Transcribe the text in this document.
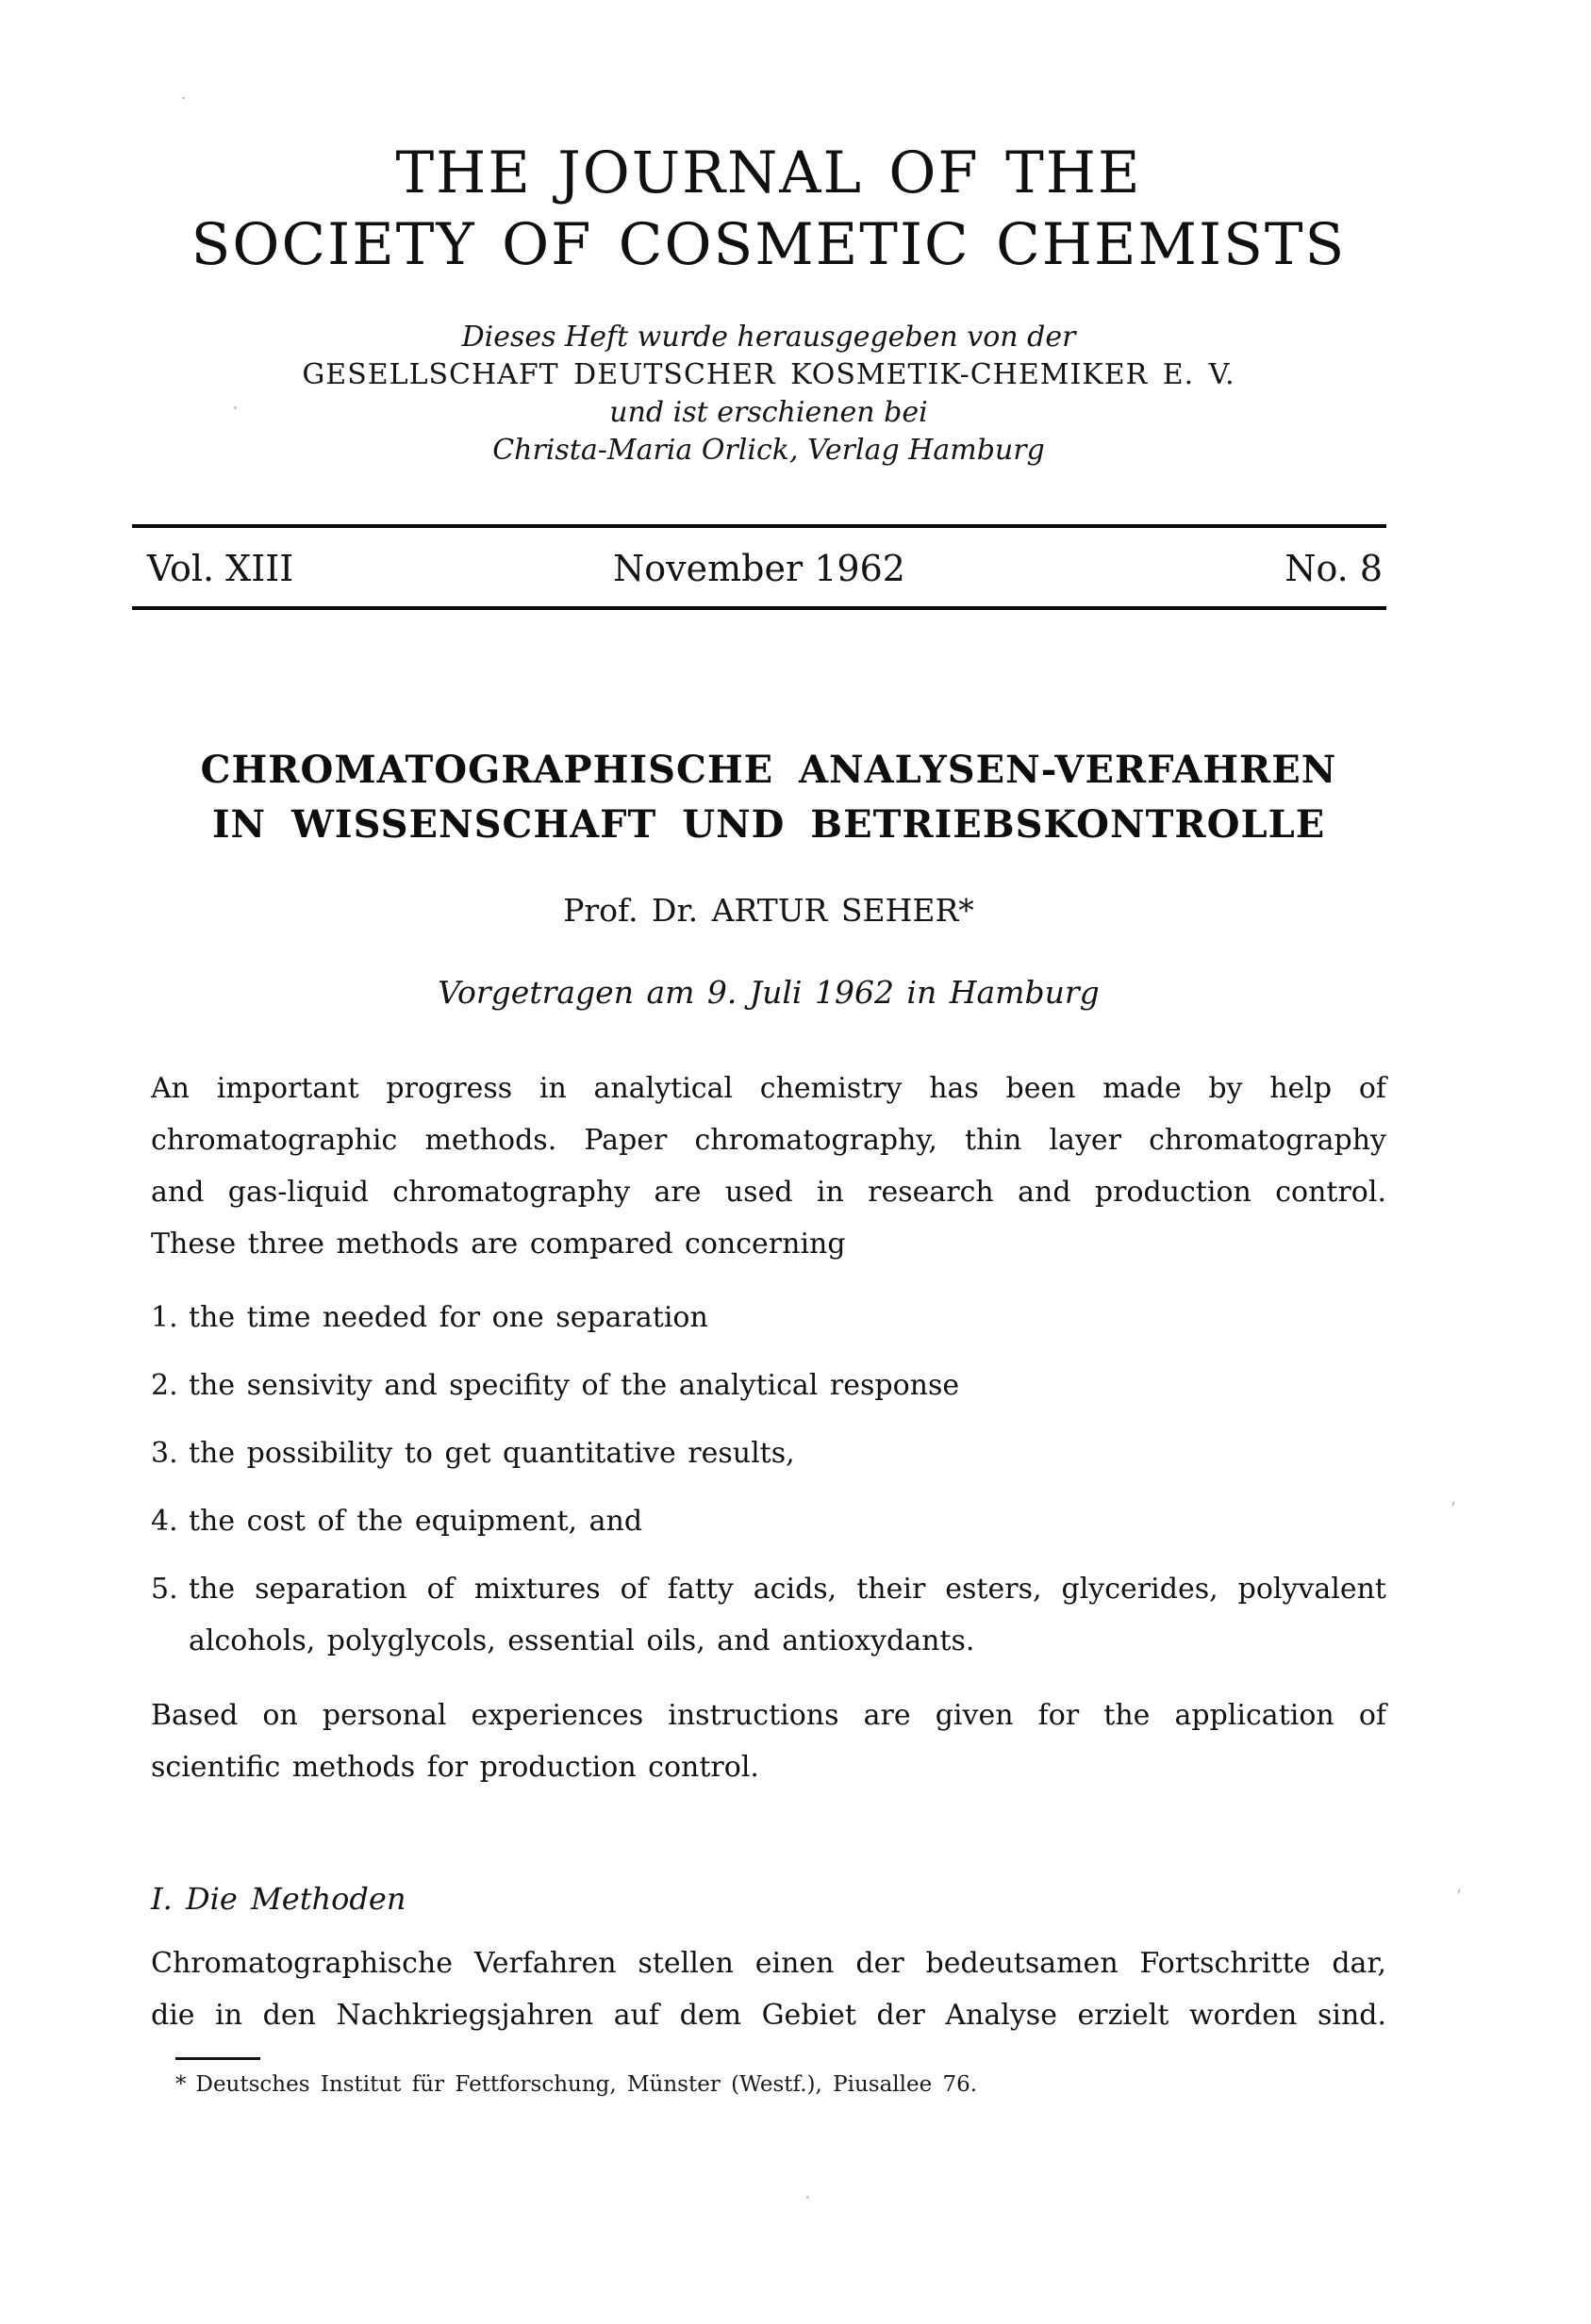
THE JOURNAL OF THE
SOCIETY OF COSMETIC CHEMISTS
Dieses Heft wurde herausgegeben von der
GESELLSCHAFT DEUTSCHER KOSMETIK-CHEMIKER E. V.
und ist erschienen bei
Christa-Maria Orlick, Verlag Hamburg
Vol. XIII	November 1962	No. 8
CHROMATOGRAPHISCHE ANALYSEN-VERFAHREN
IN WISSENSCHAFT UND BETRIEBSKONTROLLE
Prof. Dr. ARTUR SEHER*
Vorgetragen am 9. Juli 1962 in Hamburg
An important progress in analytical chemistry has been made by help of
chromatographic methods. Paper chromatography, thin layer chromatography
and gas-liquid chromatography are used in research and production control.
These three methods are compared concerning
1. the time needed for one separation
2. the sensivity and specifity of the analytical response
3. the possibility to get quantitative results,
4. the cost of the equipment, and
5. the separation of mixtures of fatty acids, their esters, glycerides, polyvalent
alcohols, polyglycols, essential oils, and antioxydants.
Based on personal experiences instructions are given for the application of
scientific methods for production control.
I. Die Methoden
Chromatographische Verfahren stellen einen der bedeutsamen Fortschritte dar,
die in den Nachkriegsjahren auf dem Gebiet der Analyse erzielt worden sind.
* Deutsches Institut für Fettforschung, Münster (Westf.), Piusallee 76.
